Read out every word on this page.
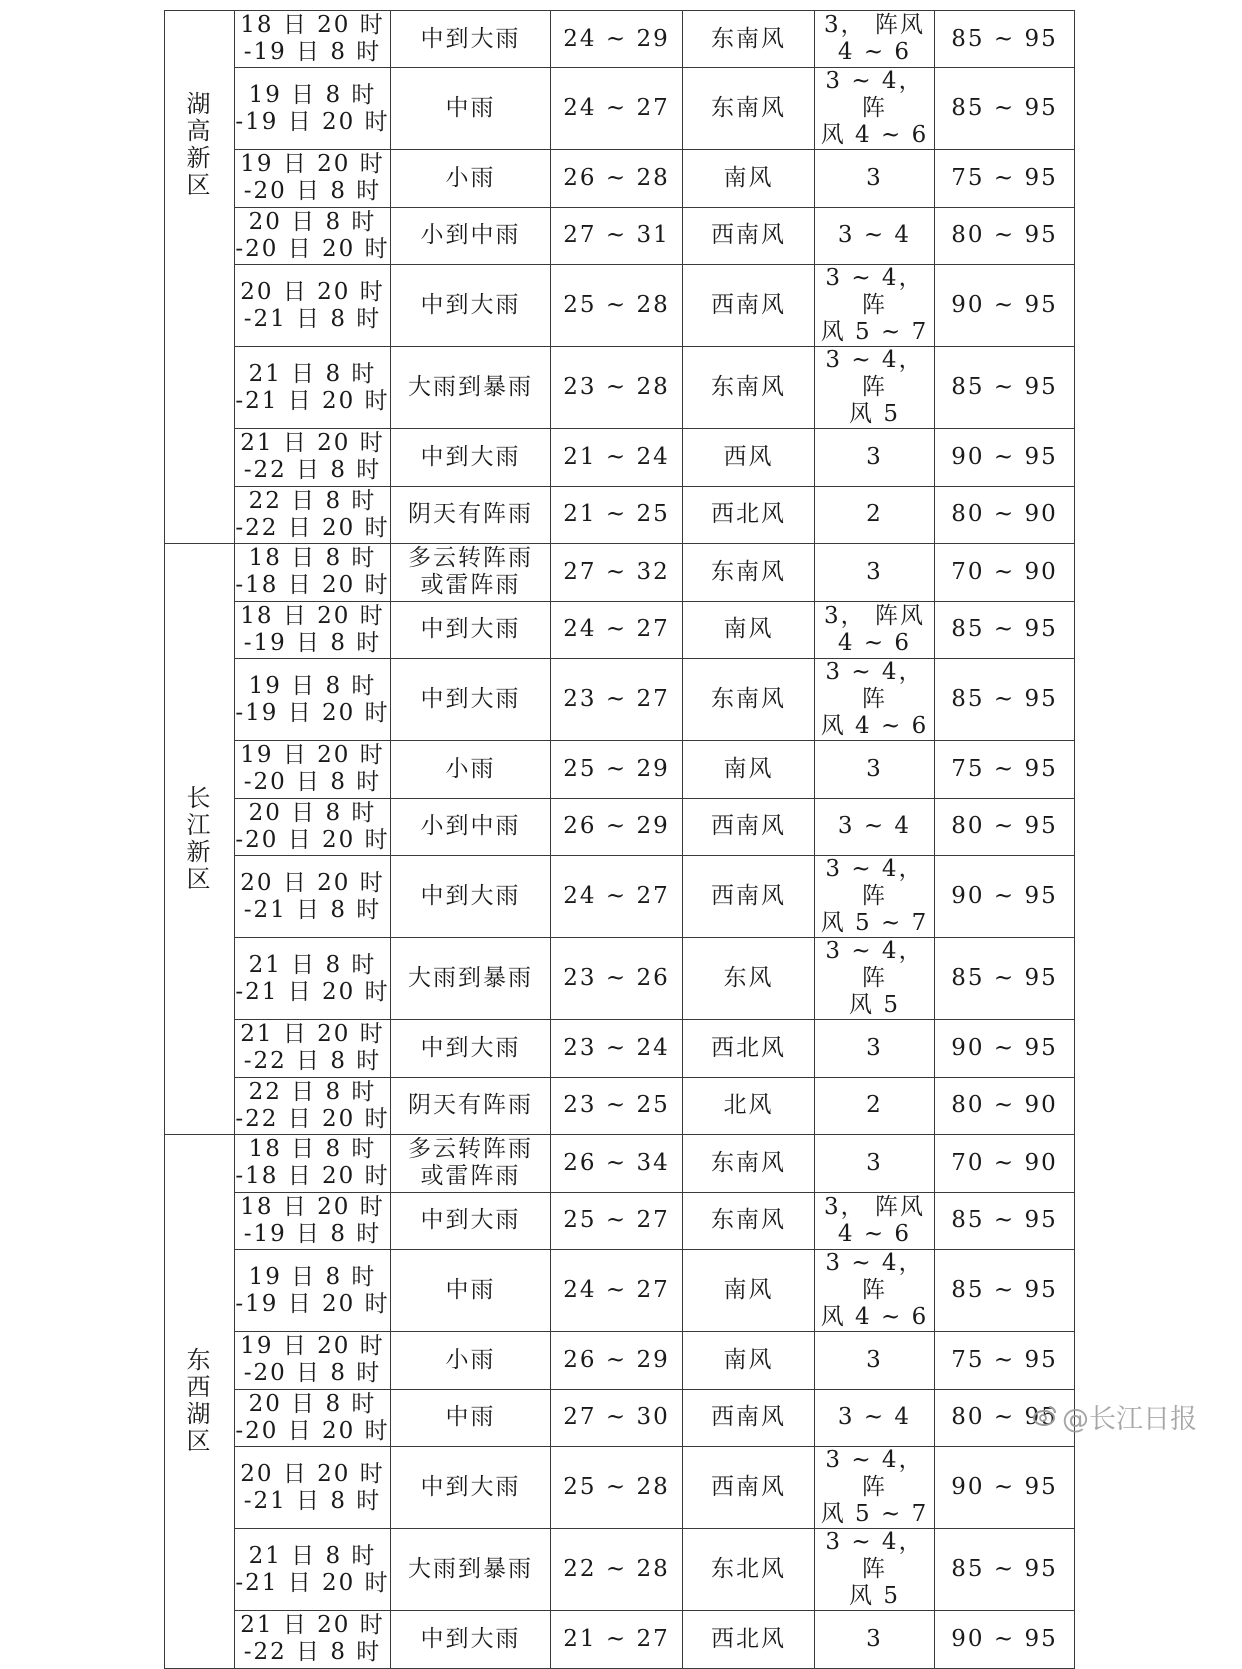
湖高新区	18 日 20 时
-19 日 8 时	中到大雨	24 ~ 29	东南风	3， 阵风
4 ~ 6	85 ~ 95

	19 日 8 时
-19 日 20 时	中雨	24 ~ 27	东南风	3 ~ 4， 阵
风 4 ~ 6	85 ~ 95

	19 日 20 时
-20 日 8 时	小雨	26 ~ 28	南风	3	75 ~ 95

	20 日 8 时
-20 日 20 时	小到中雨	27 ~ 31	西南风	3 ~ 4	80 ~ 95

	20 日 20 时
-21 日 8 时	中到大雨	25 ~ 28	西南风	3 ~ 4， 阵
风 5 ~ 7	90 ~ 95

	21 日 8 时
-21 日 20 时	大雨到暴雨	23 ~ 28	东南风	3 ~ 4， 阵
风 5	85 ~ 95

	21 日 20 时
-22 日 8 时	中到大雨	21 ~ 24	西风	3	90 ~ 95

	22 日 8 时
-22 日 20 时	阴天有阵雨	21 ~ 25	西北风	2	80 ~ 90

长江新区	18 日 8 时
-18 日 20 时	多云转阵雨
或雷阵雨	27 ~ 32	东南风	3	70 ~ 90

	18 日 20 时
-19 日 8 时	中到大雨	24 ~ 27	南风	3， 阵风
4 ~ 6	85 ~ 95

	19 日 8 时
-19 日 20 时	中到大雨	23 ~ 27	东南风	3 ~ 4， 阵
风 4 ~ 6	85 ~ 95

	19 日 20 时
-20 日 8 时	小雨	25 ~ 29	南风	3	75 ~ 95

	20 日 8 时
-20 日 20 时	小到中雨	26 ~ 29	西南风	3 ~ 4	80 ~ 95

	20 日 20 时
-21 日 8 时	中到大雨	24 ~ 27	西南风	3 ~ 4， 阵
风 5 ~ 7	90 ~ 95

	21 日 8 时
-21 日 20 时	大雨到暴雨	23 ~ 26	东风	3 ~ 4， 阵
风 5	85 ~ 95

	21 日 20 时
-22 日 8 时	中到大雨	23 ~ 24	西北风	3	90 ~ 95

	22 日 8 时
-22 日 20 时	阴天有阵雨	23 ~ 25	北风	2	80 ~ 90

东西湖区	18 日 8 时
-18 日 20 时	多云转阵雨
或雷阵雨	26 ~ 34	东南风	3	70 ~ 90

	18 日 20 时
-19 日 8 时	中到大雨	25 ~ 27	东南风	3， 阵风
4 ~ 6	85 ~ 95

	19 日 8 时
-19 日 20 时	中雨	24 ~ 27	南风	3 ~ 4， 阵
风 4 ~ 6	85 ~ 95

	19 日 20 时
-20 日 8 时	小雨	26 ~ 29	南风	3	75 ~ 95

	20 日 8 时
-20 日 20 时	中雨	27 ~ 30	西南风	3 ~ 4	80 ~ 95

	20 日 20 时
-21 日 8 时	中到大雨	25 ~ 28	西南风	3 ~ 4， 阵
风 5 ~ 7	90 ~ 95

	21 日 8 时
-21 日 20 时	大雨到暴雨	22 ~ 28	东北风	3 ~ 4， 阵
风 5	85 ~ 95

	21 日 20 时
-22 日 8 时	中到大雨	21 ~ 27	西北风	3	90 ~ 95
@长江日报
